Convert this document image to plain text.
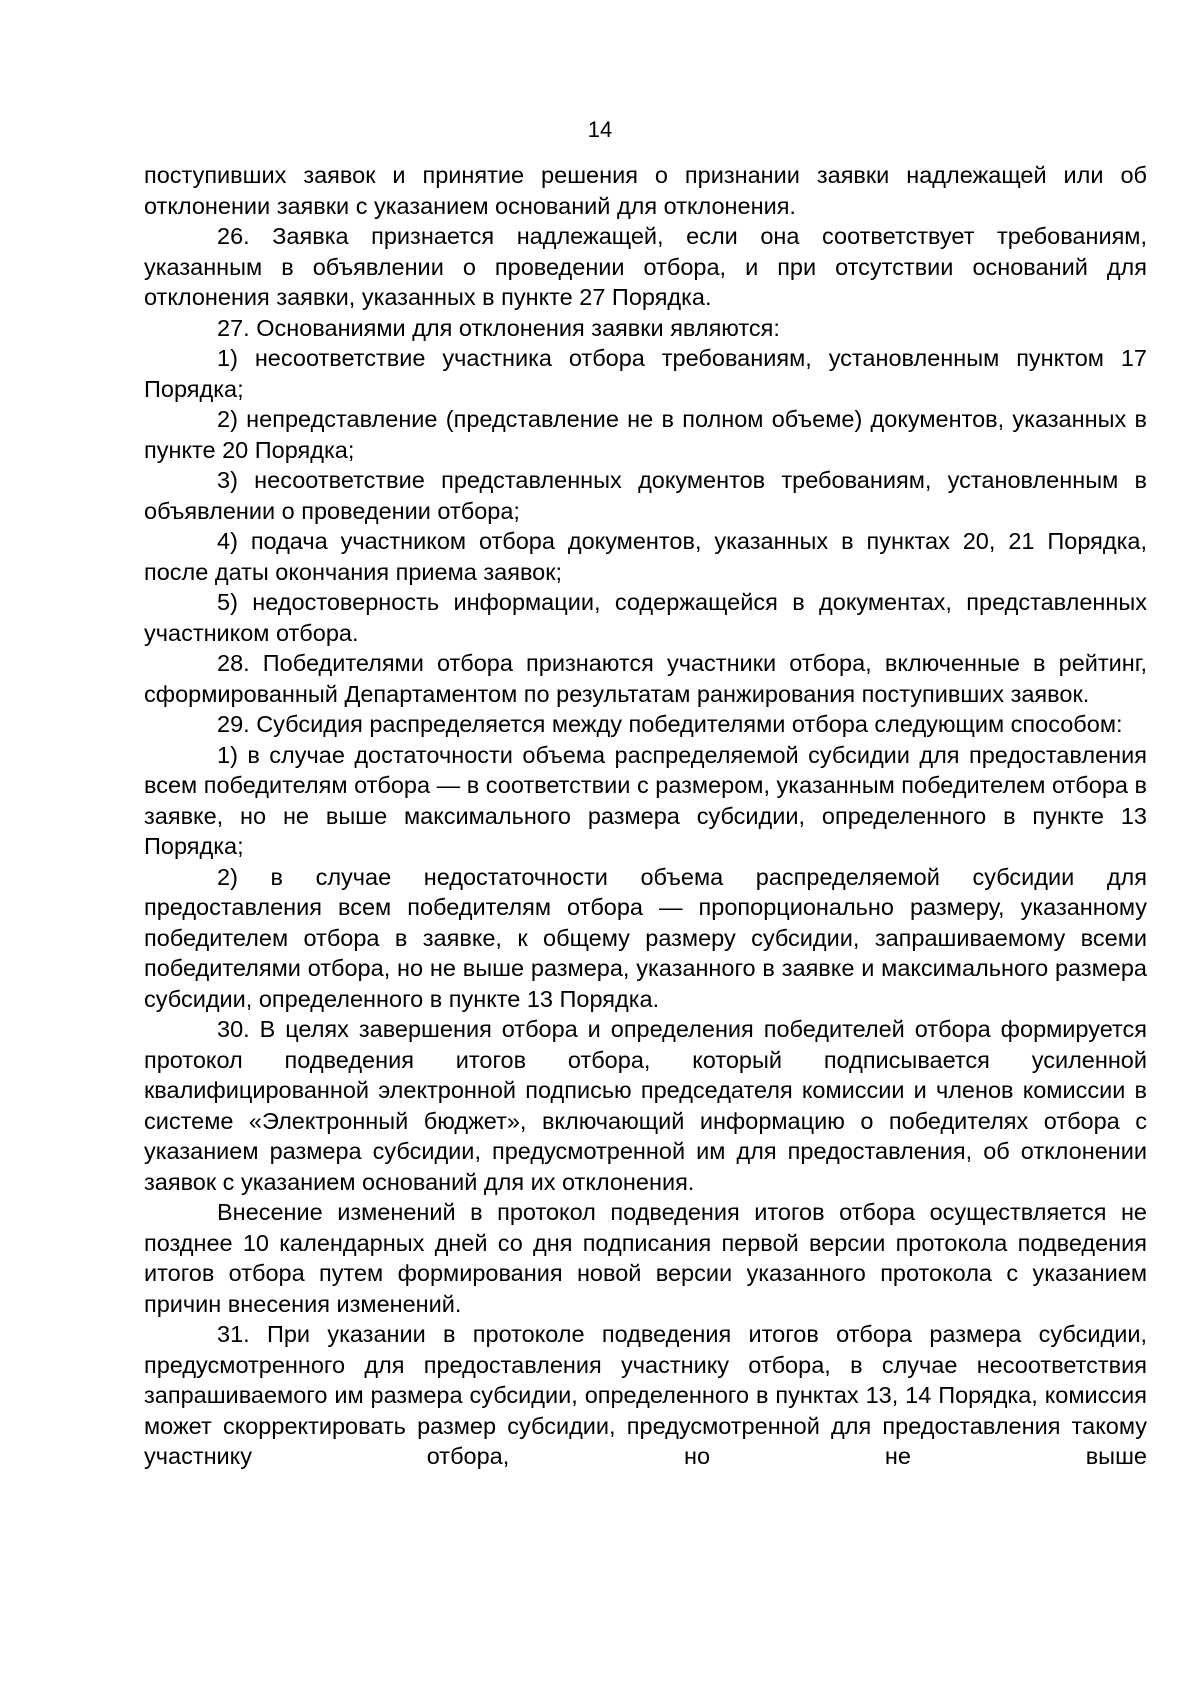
14

поступивших заявок и принятие решения о признании заявки надлежащей или об отклонении заявки с указанием оснований для отклонения.

26. Заявка признается надлежащей, если она соответствует требованиям, указанным в объявлении о проведении отбора, и при отсутствии оснований для отклонения заявки, указанных в пункте 27 Порядка.

27. Основаниями для отклонения заявки являются:

1) несоответствие участника отбора требованиям, установленным пунктом 17 Порядка;

2) непредставление (представление не в полном объеме) документов, указанных в пункте 20 Порядка;

3) несоответствие представленных документов требованиям, установленным в объявлении о проведении отбора;

4) подача участником отбора документов, указанных в пунктах 20, 21 Порядка, после даты окончания приема заявок;

5) недостоверность информации, содержащейся в документах, представленных участником отбора.

28. Победителями отбора признаются участники отбора, включенные в рейтинг, сформированный Департаментом по результатам ранжирования поступивших заявок.

29. Субсидия распределяется между победителями отбора следующим способом:

1) в случае достаточности объема распределяемой субсидии для предоставления всем победителям отбора — в соответствии с размером, указанным победителем отбора в заявке, но не выше максимального размера субсидии, определенного в пункте 13 Порядка;

2) в случае недостаточности объема распределяемой субсидии для предоставления всем победителям отбора — пропорционально размеру, указанному победителем отбора в заявке, к общему размеру субсидии, запрашиваемому всеми победителями отбора, но не выше размера, указанного в заявке и максимального размера субсидии, определенного в пункте 13 Порядка.

30. В целях завершения отбора и определения победителей отбора формируется протокол подведения итогов отбора, который подписывается усиленной квалифицированной электронной подписью председателя комиссии и членов комиссии в системе «Электронный бюджет», включающий информацию о победителях отбора с указанием размера субсидии, предусмотренной им для предоставления, об отклонении заявок с указанием оснований для их отклонения.

Внесение изменений в протокол подведения итогов отбора осуществляется не позднее 10 календарных дней со дня подписания первой версии протокола подведения итогов отбора путем формирования новой версии указанного протокола с указанием причин внесения изменений.

31. При указании в протоколе подведения итогов отбора размера субсидии, предусмотренного для предоставления участнику отбора, в случае несоответствия запрашиваемого им размера субсидии, определенного в пунктах 13, 14 Порядка, комиссия может скорректировать размер субсидии, предусмотренной для предоставления такому участнику отбора, но не выше
